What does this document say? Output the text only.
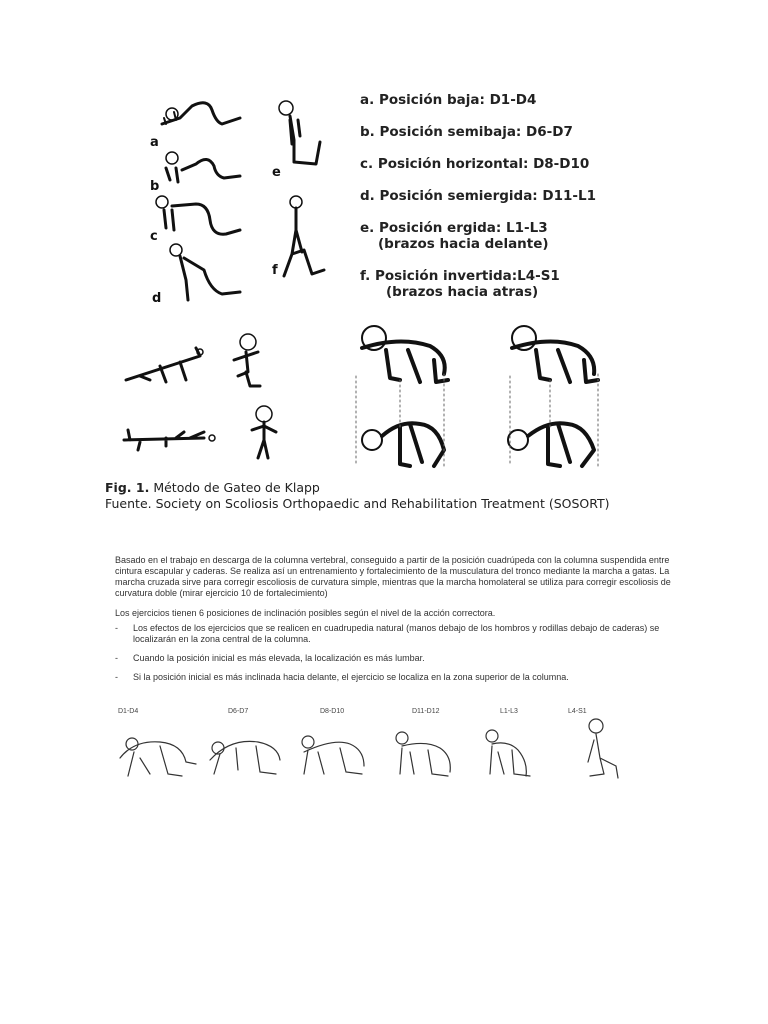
a
b
c
d
e
f
a. Posición baja: D1-D4
b. Posición semibaja: D6-D7
c. Posición horizontal: D8-D10
d. Posición semiergida: D11-L1
e. Posición ergida: L1-L3
(brazos hacia delante)
f. Posición invertida:L4-S1
(brazos hacia atras)
Fig. 1. Método de Gateo de Klapp
Fuente. Society on Scoliosis Orthopaedic and Rehabilitation Treatment (SOSORT)

Basado en el trabajo en descarga de la columna vertebral, conseguido a partir de la posición cuadrúpeda con la columna suspendida entre cintura escapular y caderas. Se realiza así un entrenamiento y fortalecimiento de la musculatura del tronco mediante la marcha a gatas. La marcha cruzada sirve para corregir escoliosis de curvatura simple, mientras que la marcha homolateral se utiliza para corregir escoliosis de curvatura doble (mirar ejercicio 10 de fortalecimiento)

Los ejercicios tienen 6 posiciones de inclinación posibles según el nivel de la acción correctora.

- Los efectos de los ejercicios que se realicen en cuadrupedia natural (manos debajo de los hombros y rodillas debajo de caderas) se localizarán en la zona central de la columna.
- Cuando la posición inicial es más elevada, la localización es más lumbar.
- Si la posición inicial es más inclinada hacia delante, el ejercicio se localiza en la zona superior de la columna.
D1-D4	D6-D7	D8-D10	D11-D12	L1-L3	L4-S1
